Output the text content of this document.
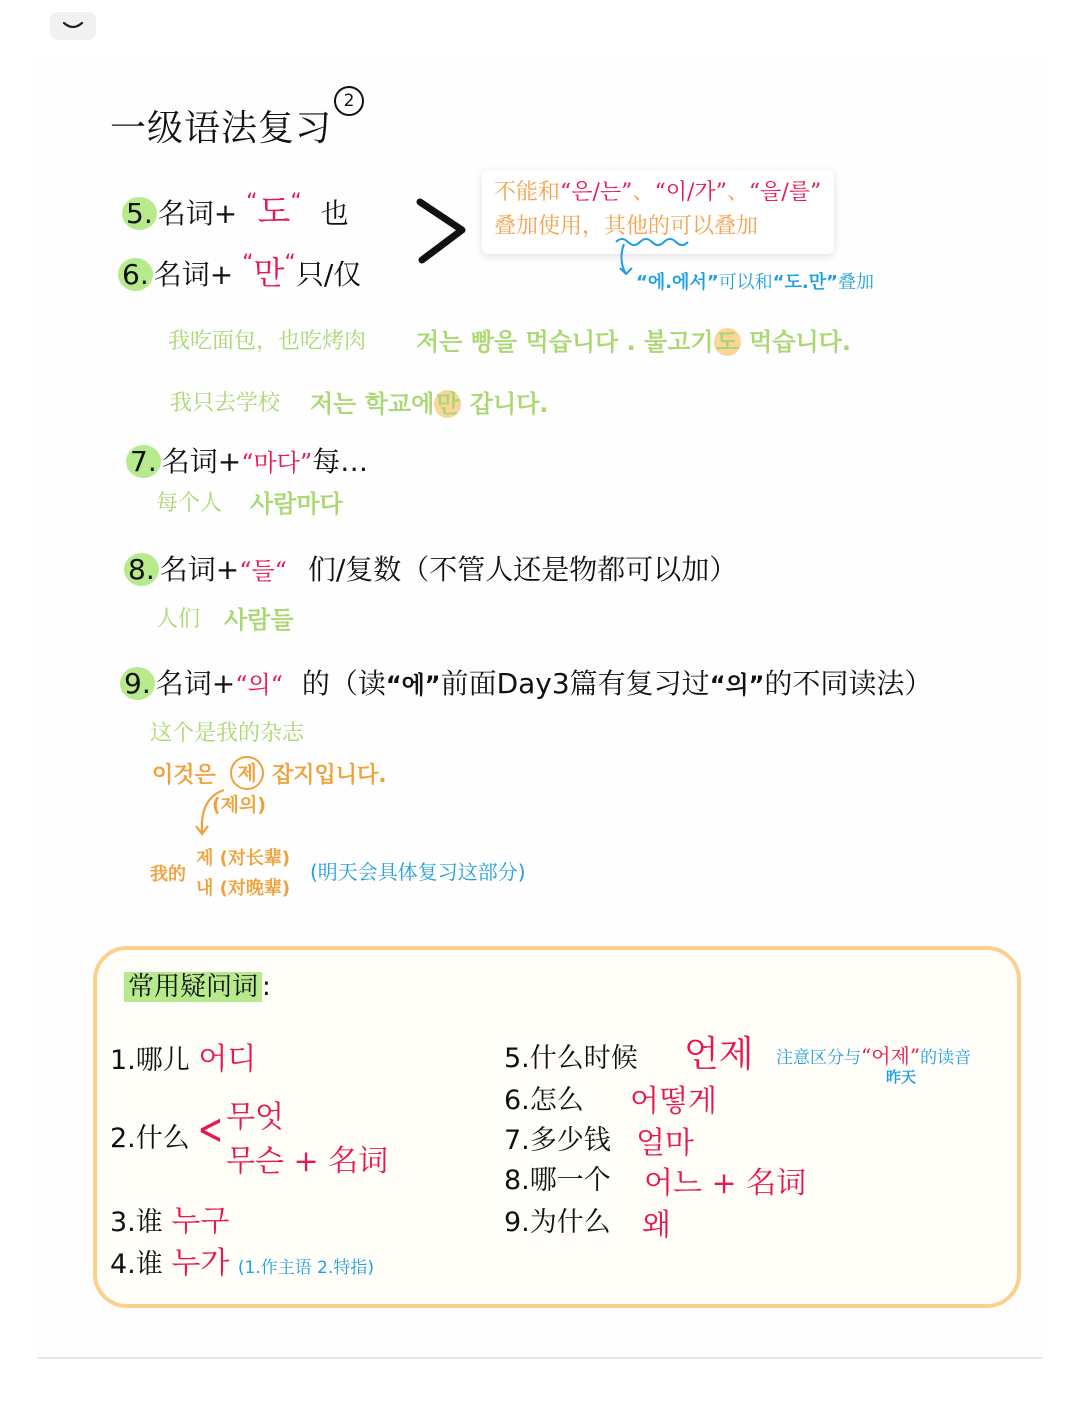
一级语法复习
2
5. 名词+ “도“ 也
6. 名词+ “만“只/仅
不能和“은/는”、“이/가”、“을/를”
叠加使用，其他的可以叠加
“에.에서”可以和“도.만”叠加
我吃面包，也吃烤肉 저는 빵을 먹습니다 . 불고기도 먹습니다.
我只去学校 저는 학교에만 갑니다.
7. 名词+“마다”每…
每个人 사람마다
8. 名词+“들“ 们/复数（不管人还是物都可以加）
人们 사람들
9. 名词+“의“ 的（读“에”前面Day3篇有复习过“의”的不同读法）
这个是我的杂志
이것은	제 잡지입니다.
(제의)
我的
제 (对长辈)
내 (对晚辈)
(明天会具体复习这部分)
常用疑问词 :
1.哪儿 어디
2.什么 < 무엇
무슨 + 名词
3.谁 누구
4.谁 누가 (1.作主语 2.特指)
5.什么时候 언제 注意区分与“어제”的读音
昨天
6.怎么 어떻게
7.多少钱 얼마
8.哪一个 어느 + 名词
9.为什么 왜
